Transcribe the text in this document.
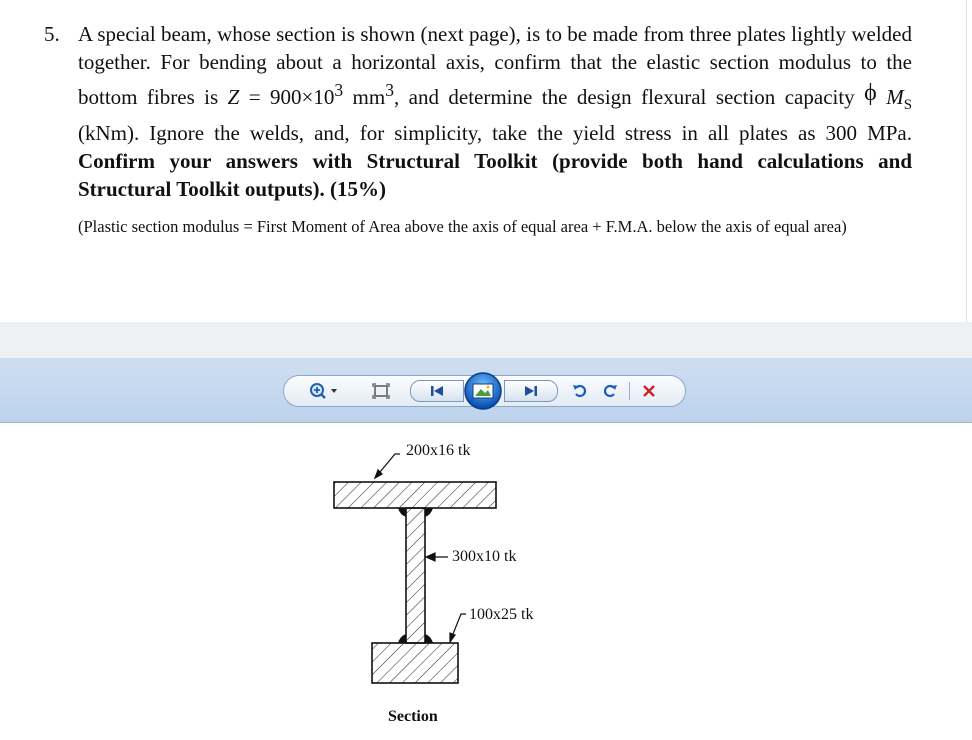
5. A special beam, whose section is shown (next page), is to be made from three plates lightly welded together. For bending about a horizontal axis, confirm that the elastic section modulus to the bottom fibres is $Z = 900\times 10^3$ $mm^3$, and determine the design flexural section capacity ϕ $M_S$ (kNm). Ignore the welds, and, for simplicity, take the yield stress in all plates as 300 MPa. Confirm your answers with Structural Toolkit (provide both hand calculations and Structural Toolkit outputs). (15%)
(Plastic section modulus = First Moment of Area above the axis of equal area + F.M.A. below the axis of equal area)
200x16 tk
300x10 tk
100x25 tk
Section
